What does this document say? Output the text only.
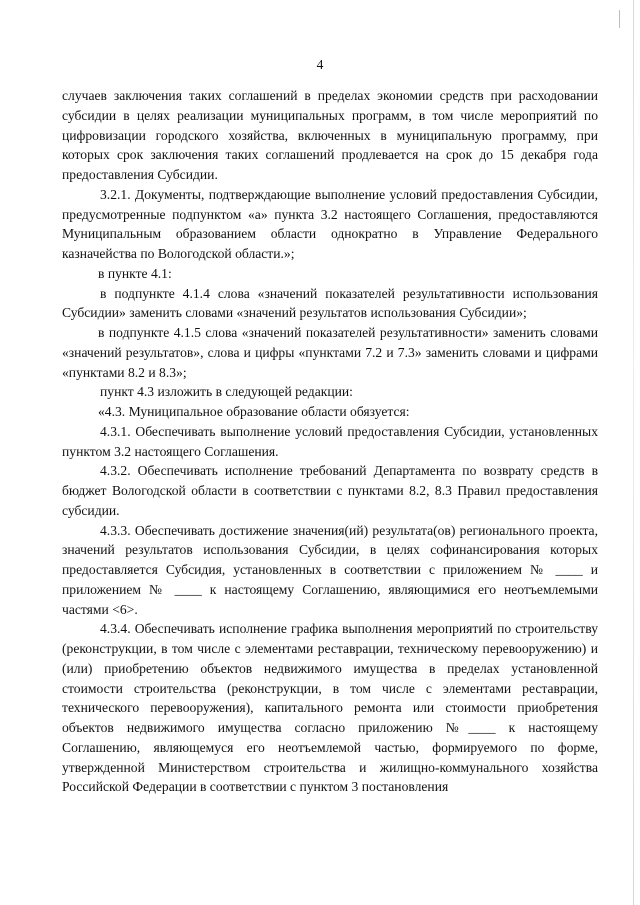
4

случаев заключения таких соглашений в пределах экономии средств при расходовании субсидии в целях реализации муниципальных программ, в том числе мероприятий по цифровизации городского хозяйства, включенных в муниципальную программу, при которых срок заключения таких соглашений продлевается на срок до 15 декабря года предоставления Субсидии.

3.2.1. Документы, подтверждающие выполнение условий предоставления Субсидии, предусмотренные подпунктом «а» пункта 3.2 настоящего Соглашения, предоставляются Муниципальным образованием области однократно в Управление Федерального казначейства по Вологодской области.»;

в пункте 4.1:

в подпункте 4.1.4 слова «значений показателей результативности использования Субсидии» заменить словами «значений результатов использования Субсидии»;

в подпункте 4.1.5 слова «значений показателей результативности» заменить словами «значений результатов», слова и цифры «пунктами 7.2 и 7.3» заменить словами и цифрами «пунктами 8.2 и 8.3»;

пункт 4.3 изложить в следующей редакции:

«4.3. Муниципальное образование области обязуется:

4.3.1. Обеспечивать выполнение условий предоставления Субсидии, установленных пунктом 3.2 настоящего Соглашения.

4.3.2. Обеспечивать исполнение требований Департамента по возврату средств в бюджет Вологодской области в соответствии с пунктами 8.2, 8.3 Правил предоставления субсидии.

4.3.3. Обеспечивать достижение значения(ий) результата(ов) регионального проекта, значений результатов использования Субсидии, в целях софинансирования которых предоставляется Субсидия, установленных в соответствии с приложением № ____ и приложением № ____ к настоящему Соглашению, являющимися его неотъемлемыми частями <6>.

4.3.4. Обеспечивать исполнение графика выполнения мероприятий по строительству (реконструкции, в том числе с элементами реставрации, техническому перевооружению) и (или) приобретению объектов недвижимого имущества в пределах установленной стоимости строительства (реконструкции, в том числе с элементами реставрации, технического перевооружения), капитального ремонта или стоимости приобретения объектов недвижимого имущества согласно приложению №____ к настоящему Соглашению, являющемуся его неотъемлемой частью, формируемого по форме, утвержденной Министерством строительства и жилищно-коммунального хозяйства Российской Федерации в соответствии с пунктом 3 постановления
